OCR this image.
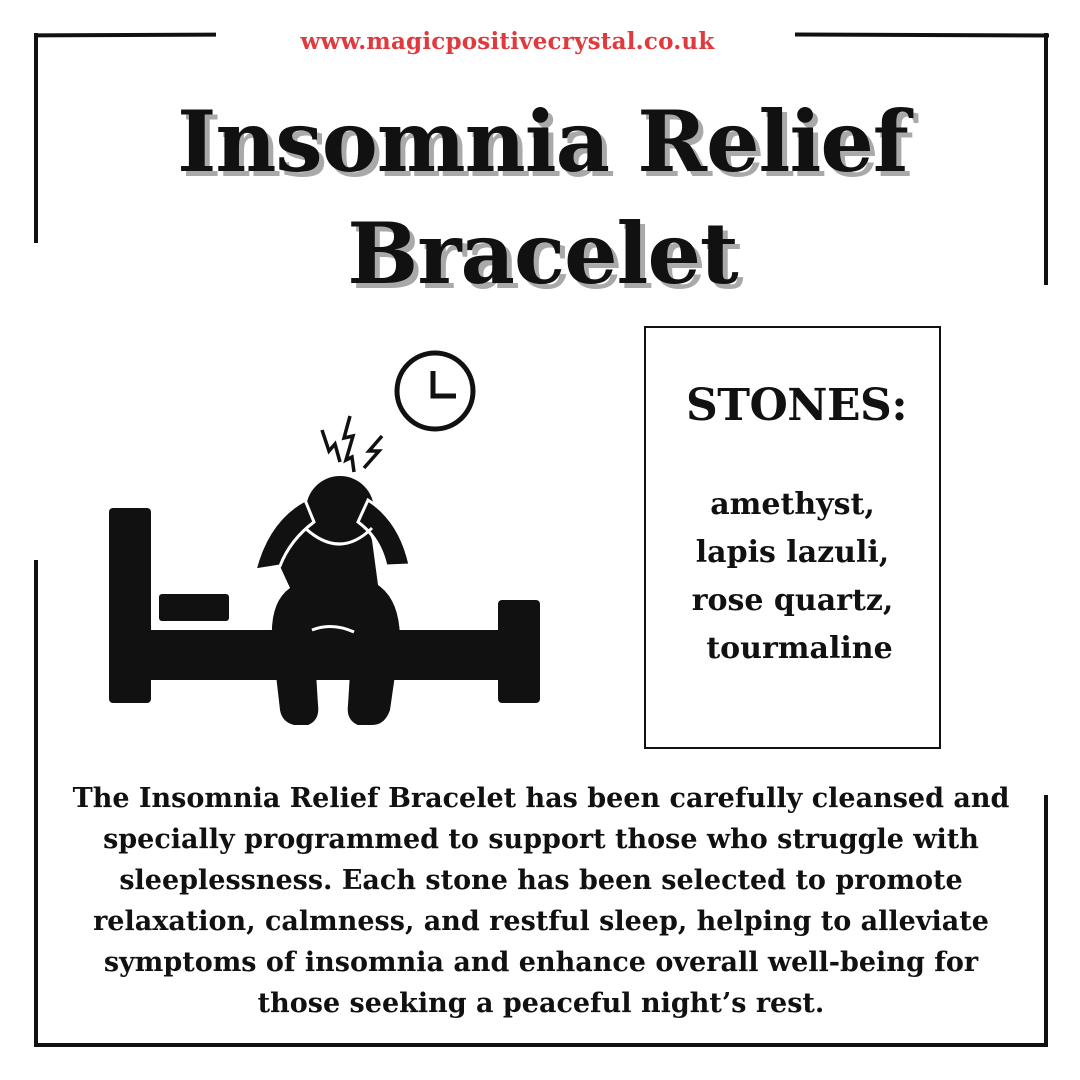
www.magicpositivecrystal.co.uk
Insomnia Relief
Bracelet
STONES:
amethyst,
lapis lazuli,
rose quartz,
tourmaline
The Insomnia Relief Bracelet has been carefully cleansed and specially programmed to support those who struggle with sleeplessness. Each stone has been selected to promote relaxation, calmness, and restful sleep, helping to alleviate symptoms of insomnia and enhance overall well-being for those seeking a peaceful night’s rest.
